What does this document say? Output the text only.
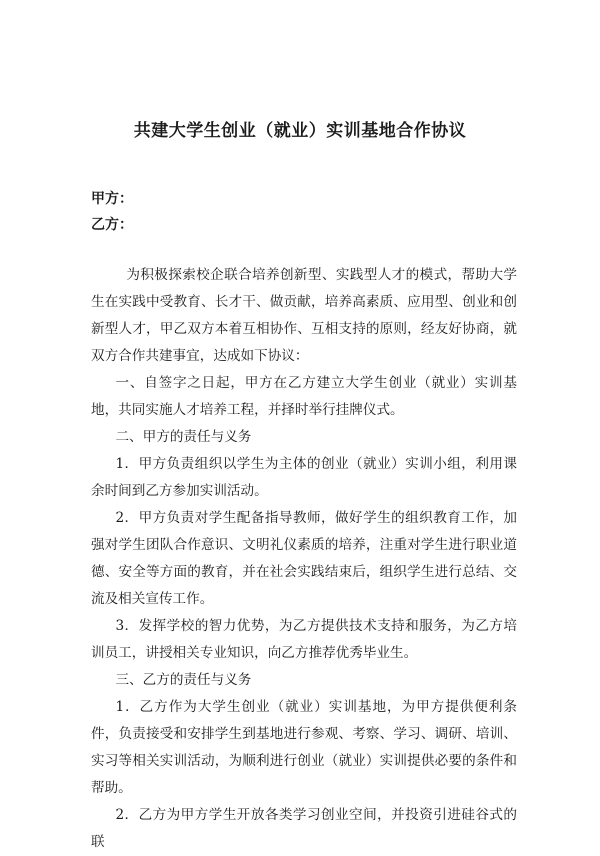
共建大学生创业（就业）实训基地合作协议
甲方：
乙方：

为积极探索校企联合培养创新型、实践型人才的模式，帮助大学生在实践中受教育、长才干、做贡献，培养高素质、应用型、创业和创新型人才，甲乙双方本着互相协作、互相支持的原则，经友好协商，就双方合作共建事宜，达成如下协议：

一、自签字之日起，甲方在乙方建立大学生创业（就业）实训基地，共同实施人才培养工程，并择时举行挂牌仪式。

二、甲方的责任与义务

1．甲方负责组织以学生为主体的创业（就业）实训小组，利用课余时间到乙方参加实训活动。

2．甲方负责对学生配备指导教师，做好学生的组织教育工作，加强对学生团队合作意识、文明礼仪素质的培养，注重对学生进行职业道德、安全等方面的教育，并在社会实践结束后，组织学生进行总结、交流及相关宣传工作。

3．发挥学校的智力优势，为乙方提供技术支持和服务，为乙方培训员工，讲授相关专业知识，向乙方推荐优秀毕业生。

三、乙方的责任与义务

1．乙方作为大学生创业（就业）实训基地，为甲方提供便利条件，负责接受和安排学生到基地进行参观、考察、学习、调研、培训、实习等相关实训活动，为顺利进行创业（就业）实训提供必要的条件和帮助。

2．乙方为甲方学生开放各类学习创业空间，并投资引进硅谷式的联
